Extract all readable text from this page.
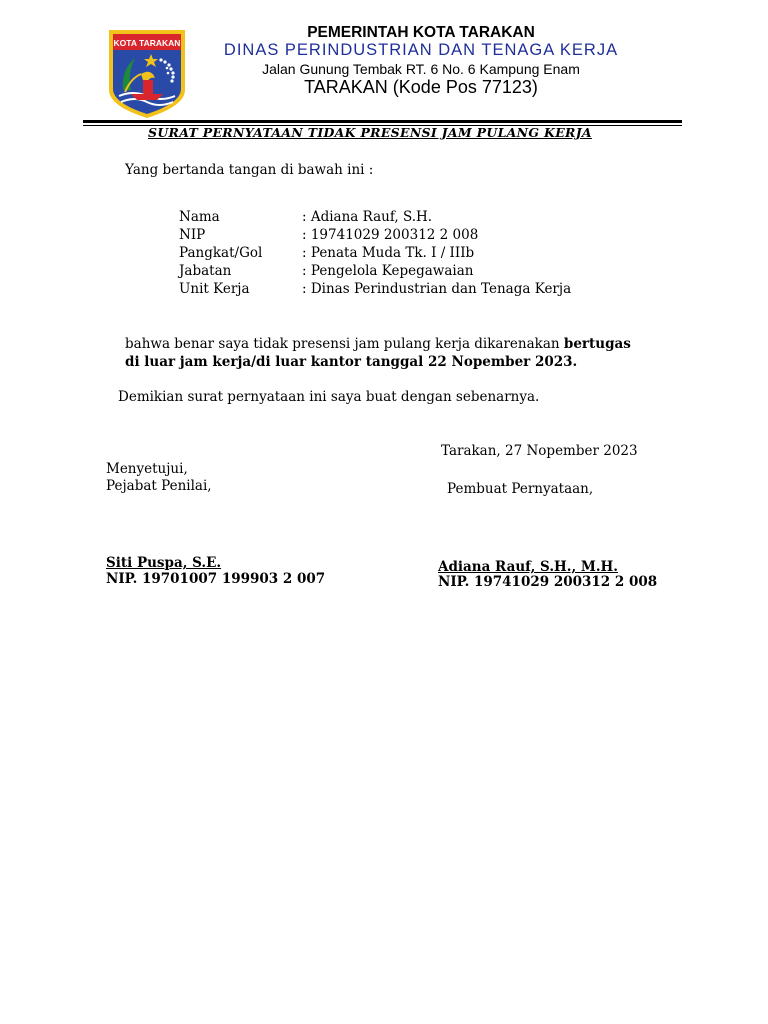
KOTA TARAKAN
PEMERINTAH KOTA TARAKAN
DINAS PERINDUSTRIAN DAN TENAGA KERJA
Jalan Gunung Tembak RT. 6 No. 6 Kampung Enam
TARAKAN (Kode Pos 77123)
SURAT PERNYATAAN TIDAK PRESENSI JAM PULANG KERJA
Yang bertanda tangan di bawah ini :
Nama	: Adiana Rauf, S.H.
NIP	: 19741029 200312 2 008
Pangkat/Gol	: Penata Muda Tk. I / IIIb
Jabatan	: Pengelola Kepegawaian
Unit Kerja	: Dinas Perindustrian dan Tenaga Kerja
bahwa benar saya tidak presensi jam pulang kerja dikarenakan bertugas
di luar jam kerja/di luar kantor tanggal 22 Nopember 2023.
Demikian surat pernyataan ini saya buat dengan sebenarnya.
Tarakan, 27 Nopember 2023
Menyetujui,
Pejabat Penilai,
Siti Puspa, S.E.
NIP. 19701007 199903 2 007
Pembuat Pernyataan,
Adiana Rauf, S.H., M.H.
NIP. 19741029 200312 2 008
